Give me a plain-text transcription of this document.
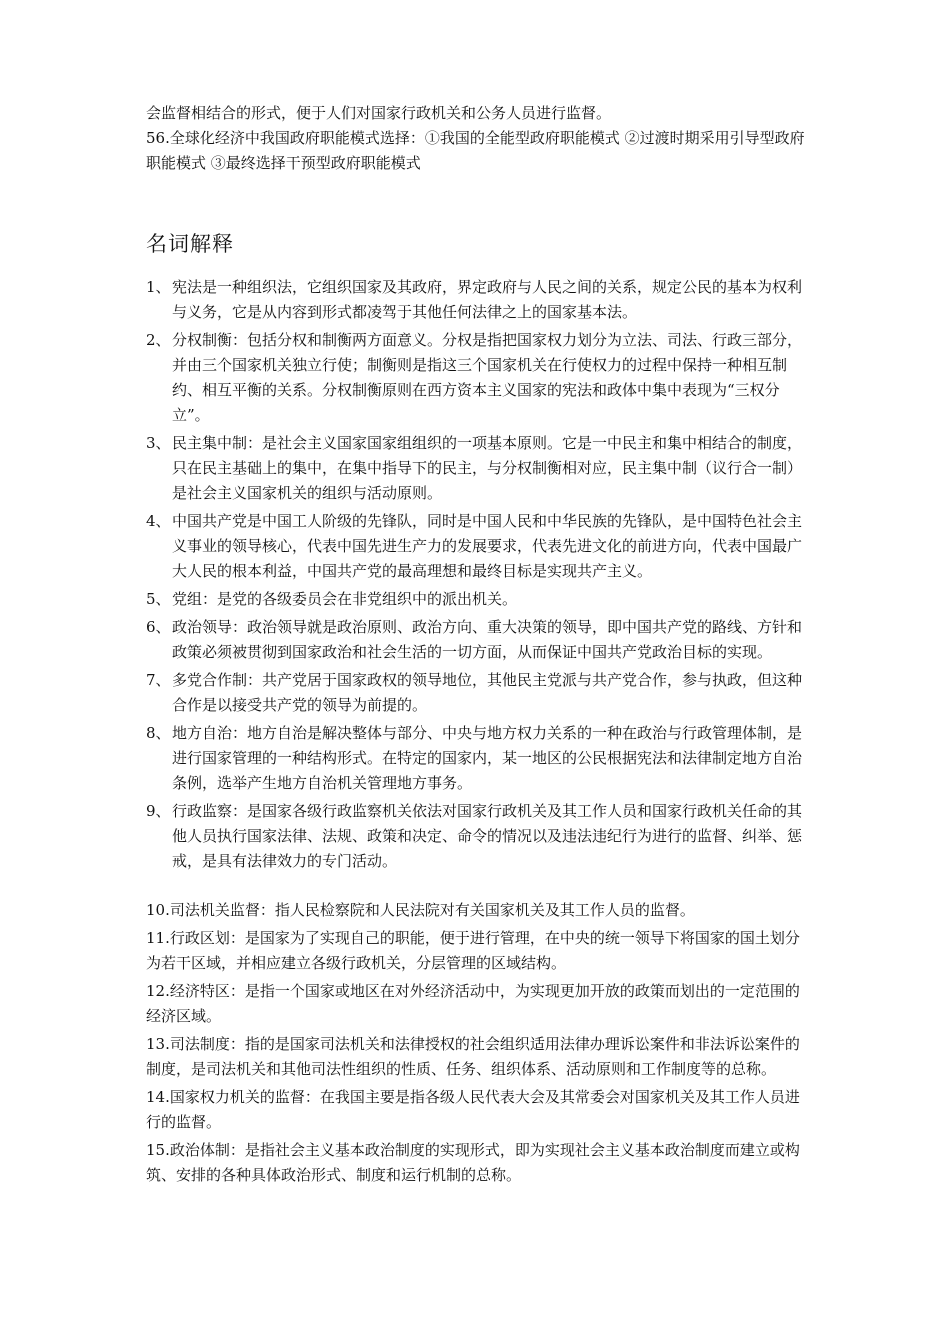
会监督相结合的形式，便于人们对国家行政机关和公务人员进行监督。

56.全球化经济中我国政府职能模式选择：①我国的全能型政府职能模式 ②过渡时期采用引导型政府职能模式 ③最终选择干预型政府职能模式

名词解释
1、 宪法是一种组织法，它组织国家及其政府，界定政府与人民之间的关系，规定公民的基本为权利与义务，它是从内容到形式都凌驾于其他任何法律之上的国家基本法。
2、 分权制衡：包括分权和制衡两方面意义。分权是指把国家权力划分为立法、司法、行政三部分，并由三个国家机关独立行使；制衡则是指这三个国家机关在行使权力的过程中保持一种相互制约、相互平衡的关系。分权制衡原则在西方资本主义国家的宪法和政体中集中表现为“三权分立”。
3、 民主集中制：是社会主义国家国家组组织的一项基本原则。它是一中民主和集中相结合的制度，只在民主基础上的集中，在集中指导下的民主，与分权制衡相对应，民主集中制（议行合一制）是社会主义国家机关的组织与活动原则。
4、 中国共产党是中国工人阶级的先锋队，同时是中国人民和中华民族的先锋队，是中国特色社会主义事业的领导核心，代表中国先进生产力的发展要求，代表先进文化的前进方向，代表中国最广大人民的根本利益，中国共产党的最高理想和最终目标是实现共产主义。
5、 党组：是党的各级委员会在非党组织中的派出机关。
6、 政治领导：政治领导就是政治原则、政治方向、重大决策的领导，即中国共产党的路线、方针和政策必须被贯彻到国家政治和社会生活的一切方面，从而保证中国共产党政治目标的实现。
7、 多党合作制：共产党居于国家政权的领导地位，其他民主党派与共产党合作，参与执政，但这种合作是以接受共产党的领导为前提的。
8、 地方自治：地方自治是解决整体与部分、中央与地方权力关系的一种在政治与行政管理体制，是进行国家管理的一种结构形式。在特定的国家内，某一地区的公民根据宪法和法律制定地方自治条例，选举产生地方自治机关管理地方事务。
9、 行政监察：是国家各级行政监察机关依法对国家行政机关及其工作人员和国家行政机关任命的其他人员执行国家法律、法规、政策和决定、命令的情况以及违法违纪行为进行的监督、纠举、惩戒，是具有法律效力的专门活动。
10.司法机关监督：指人民检察院和人民法院对有关国家机关及其工作人员的监督。
11.行政区划：是国家为了实现自己的职能，便于进行管理，在中央的统一领导下将国家的国土划分为若干区域，并相应建立各级行政机关，分层管理的区域结构。
12.经济特区：是指一个国家或地区在对外经济活动中，为实现更加开放的政策而划出的一定范围的经济区域。
13.司法制度：指的是国家司法机关和法律授权的社会组织适用法律办理诉讼案件和非法诉讼案件的制度，是司法机关和其他司法性组织的性质、任务、组织体系、活动原则和工作制度等的总称。
14.国家权力机关的监督：在我国主要是指各级人民代表大会及其常委会对国家机关及其工作人员进行的监督。
15.政治体制：是指社会主义基本政治制度的实现形式，即为实现社会主义基本政治制度而建立或构筑、安排的各种具体政治形式、制度和运行机制的总称。
